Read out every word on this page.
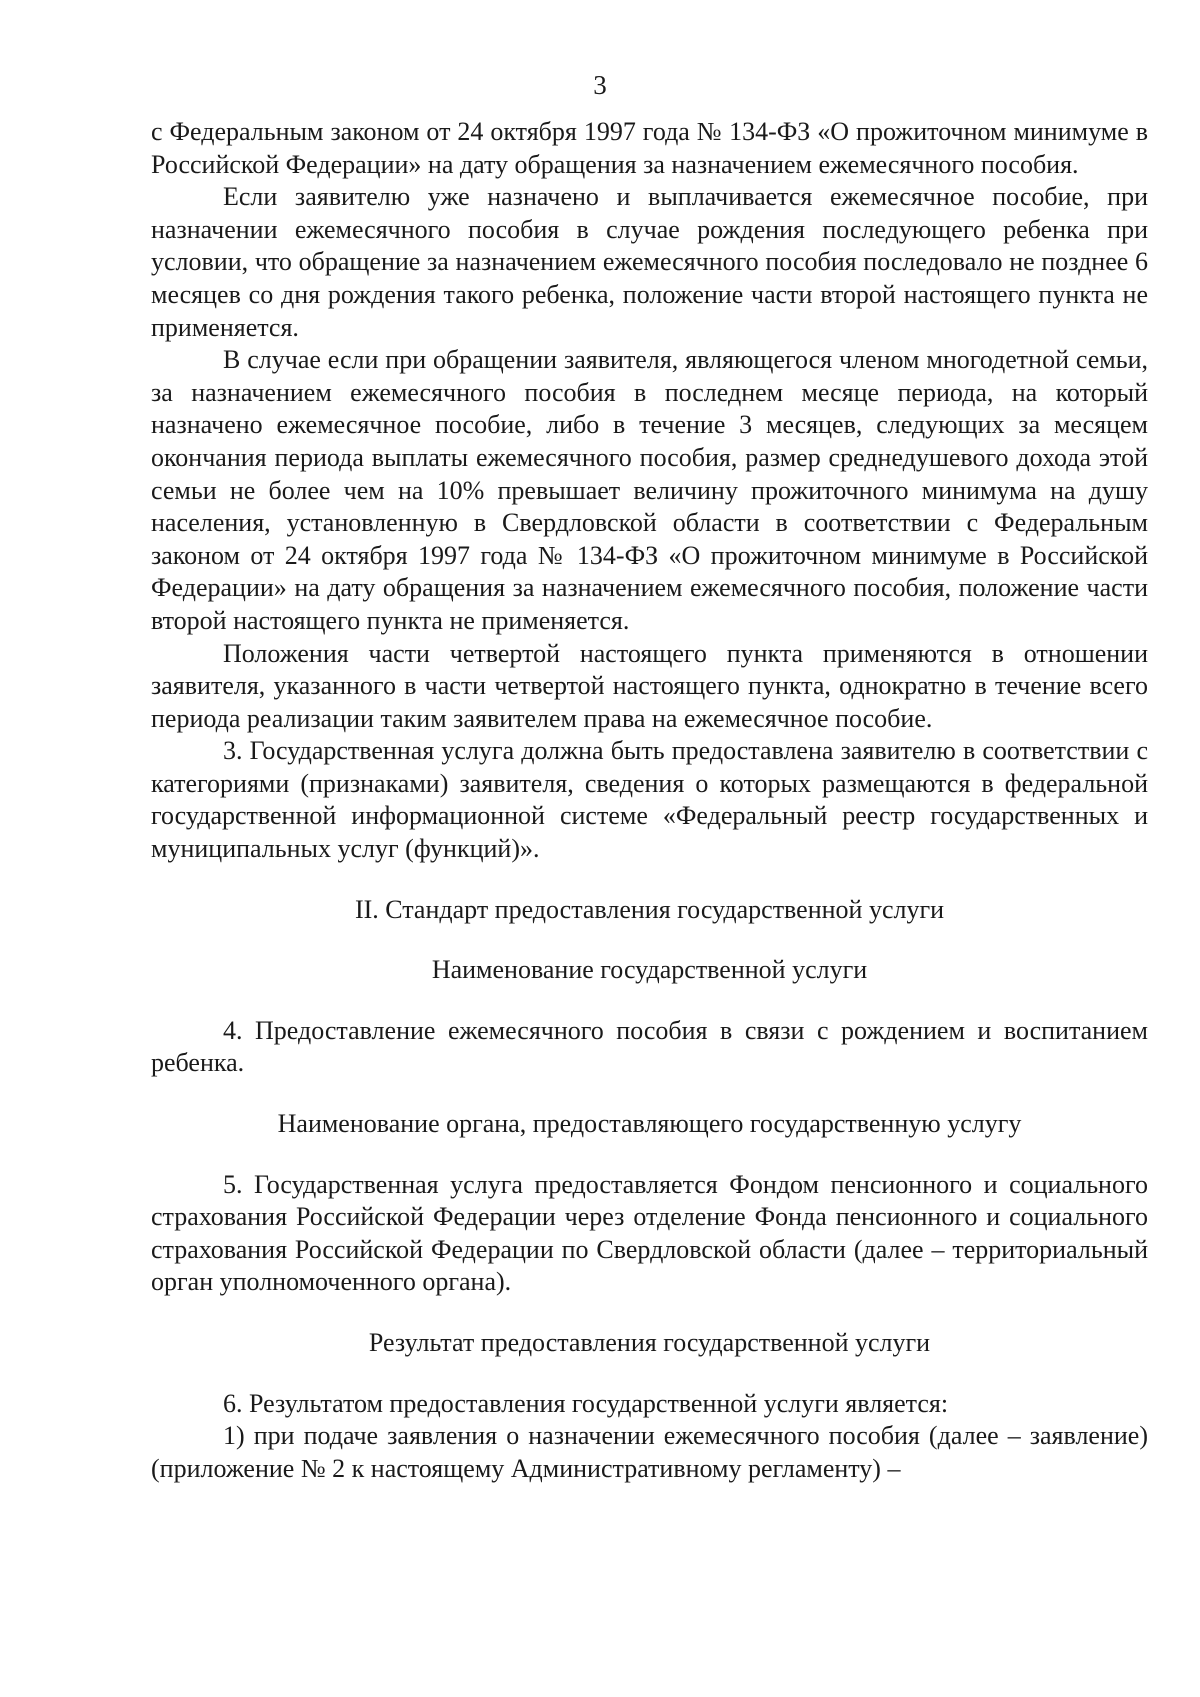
3

с Федеральным законом от 24 октября 1997 года № 134-ФЗ «О прожиточном минимуме в Российской Федерации» на дату обращения за назначением ежемесячного пособия.

Если заявителю уже назначено и выплачивается ежемесячное пособие, при назначении ежемесячного пособия в случае рождения последующего ребенка при условии, что обращение за назначением ежемесячного пособия последовало не позднее 6 месяцев со дня рождения такого ребенка, положение части второй настоящего пункта не применяется.

В случае если при обращении заявителя, являющегося членом многодетной семьи, за назначением ежемесячного пособия в последнем месяце периода, на который назначено ежемесячное пособие, либо в течение 3 месяцев, следующих за месяцем окончания периода выплаты ежемесячного пособия, размер среднедушевого дохода этой семьи не более чем на 10% превышает величину прожиточного минимума на душу населения, установленную в Свердловской области в соответствии с Федеральным законом от 24 октября 1997 года № 134-ФЗ «О прожиточном минимуме в Российской Федерации» на дату обращения за назначением ежемесячного пособия, положение части второй настоящего пункта не применяется.

Положения части четвертой настоящего пункта применяются в отношении заявителя, указанного в части четвертой настоящего пункта, однократно в течение всего периода реализации таким заявителем права на ежемесячное пособие.

3. Государственная услуга должна быть предоставлена заявителю в соответствии с категориями (признаками) заявителя, сведения о которых размещаются в федеральной государственной информационной системе «Федеральный реестр государственных и муниципальных услуг (функций)».

II. Стандарт предоставления государственной услуги
Наименование государственной услуги

4. Предоставление ежемесячного пособия в связи с рождением и воспитанием ребенка.

Наименование органа, предоставляющего государственную услугу

5. Государственная услуга предоставляется Фондом пенсионного и социального страхования Российской Федерации через отделение Фонда пенсионного и социального страхования Российской Федерации по Свердловской области (далее – территориальный орган уполномоченного органа).

Результат предоставления государственной услуги

6. Результатом предоставления государственной услуги является:

1) при подаче заявления о назначении ежемесячного пособия (далее – заявление) (приложение № 2 к настоящему Административному регламенту) –
